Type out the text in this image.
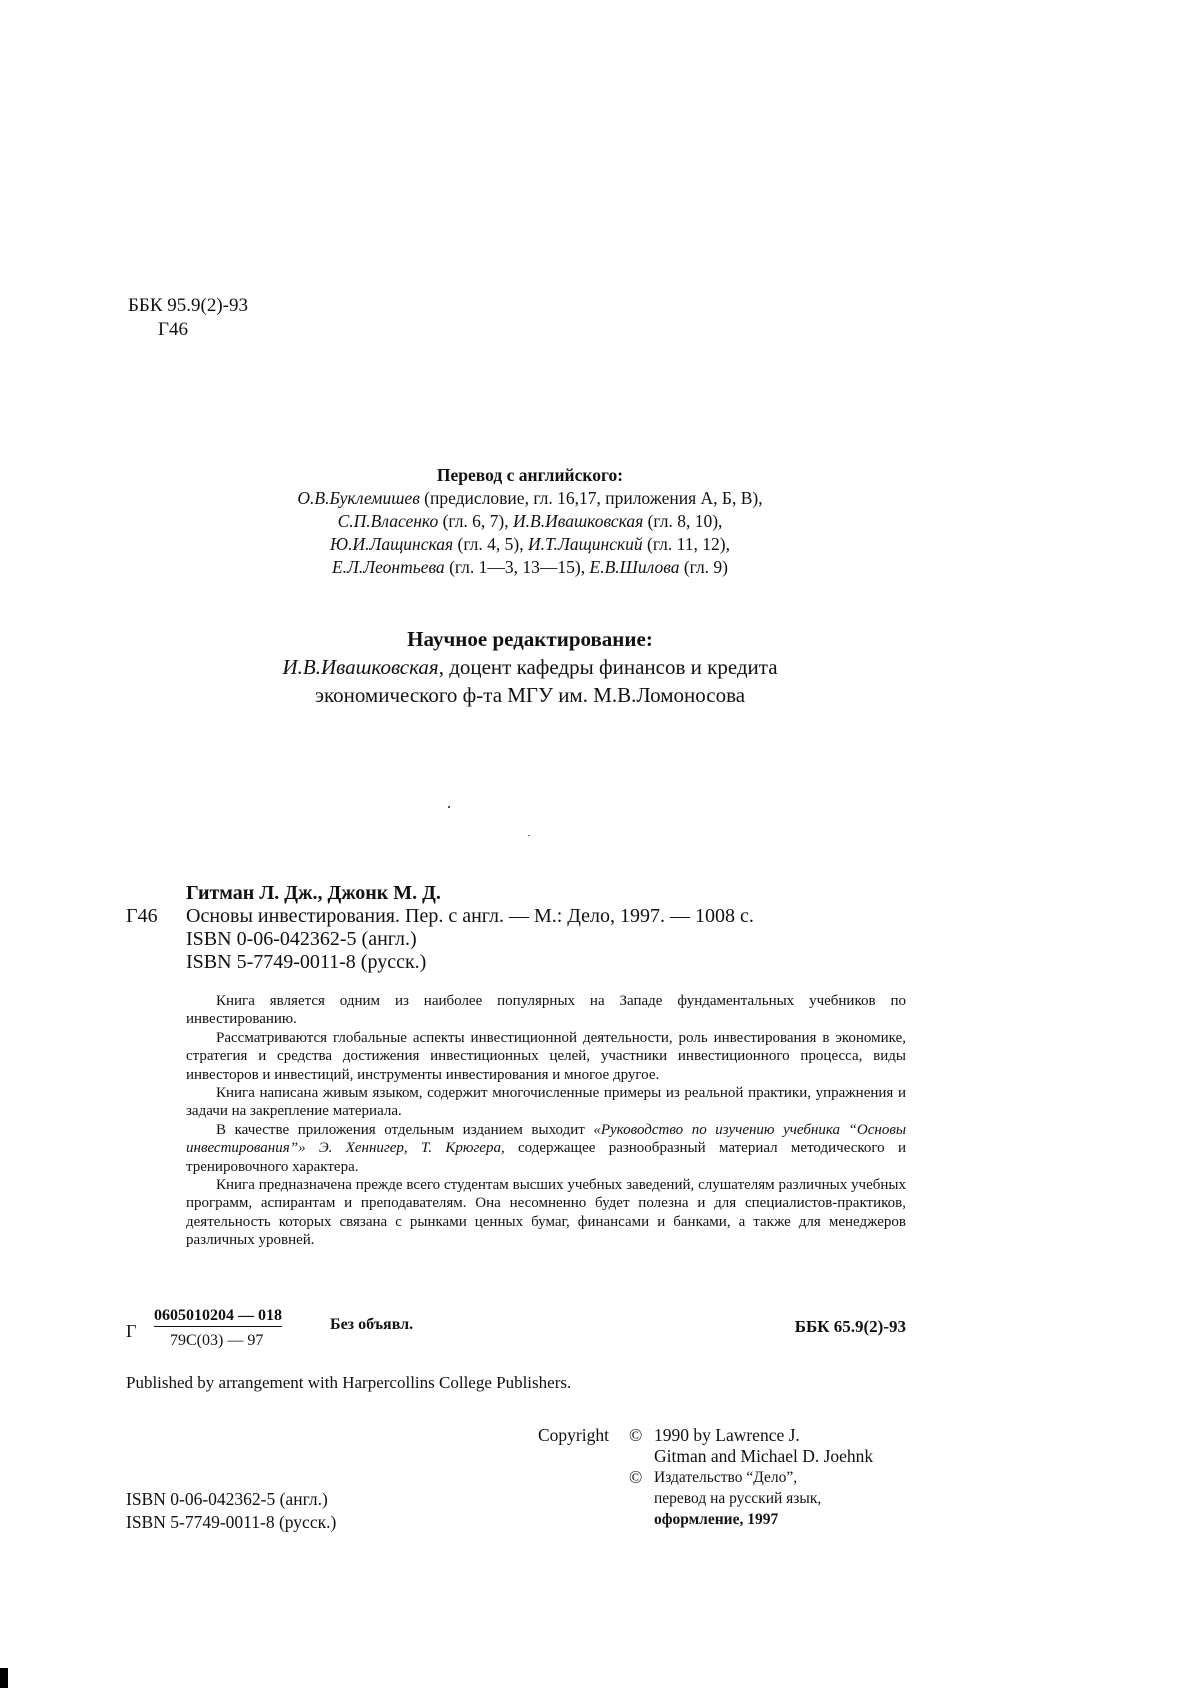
ББК 95.9(2)-93
Г46
Перевод с английского:
О.В.Буклемишев (предисловие, гл. 16,17, приложения А, Б, В),
С.П.Власенко (гл. 6, 7), И.В.Ивашковская (гл. 8, 10),
Ю.И.Лащинская (гл. 4, 5), И.Т.Лащинский (гл. 11, 12),
Е.Л.Леонтьева (гл. 1—3, 13—15), Е.В.Шилова (гл. 9)
Научное редактирование:
И.В.Ивашковская, доцент кафедры финансов и кредита
экономического ф-та МГУ им. М.В.Ломоносова
Г46
Гитман Л. Дж., Джонк М. Д.
Основы инвестирования. Пер. с англ. — М.: Дело, 1997. — 1008 с.
ISBN 0-06-042362-5 (англ.)
ISBN 5-7749-0011-8 (русск.)

Книга является одним из наиболее популярных на Западе фундаментальных учебников по инвестированию.

Рассматриваются глобальные аспекты инвестиционной деятельности, роль инвестирования в экономике, стратегия и средства достижения инвестиционных целей, участники инвестиционного процесса, виды инвесторов и инвестиций, инструменты инвестирования и многое другое.

Книга написана живым языком, содержит многочисленные примеры из реальной практики, упражнения и задачи на закрепление материала.

В качестве приложения отдельным изданием выходит «Руководство по изучению учебника “Основы инвестирования”» Э. Хеннигер, Т. Крюгера, содержащее разнообразный материал методического и тренировочного характера.

Книга предназначена прежде всего студентам высших учебных заведений, слушателям различных учебных программ, аспирантам и преподавателям. Она несомненно будет полезна и для специалистов-практиков, деятельность которых связана с рынками ценных бумаг, финансами и банками, а также для менеджеров различных уровней.

Г
0605010204 — 018
79С(03) — 97
Без объявл.	ББК 65.9(2)-93
Published by arrangement with Harpercollins College Publishers.
Copyright © 1990 by Lawrence J.
Gitman and Michael D. Joehnk
© Издательство “Дело”,
перевод на русский язык,
оформление, 1997
ISBN 0-06-042362-5 (англ.)
ISBN 5-7749-0011-8 (русск.)
